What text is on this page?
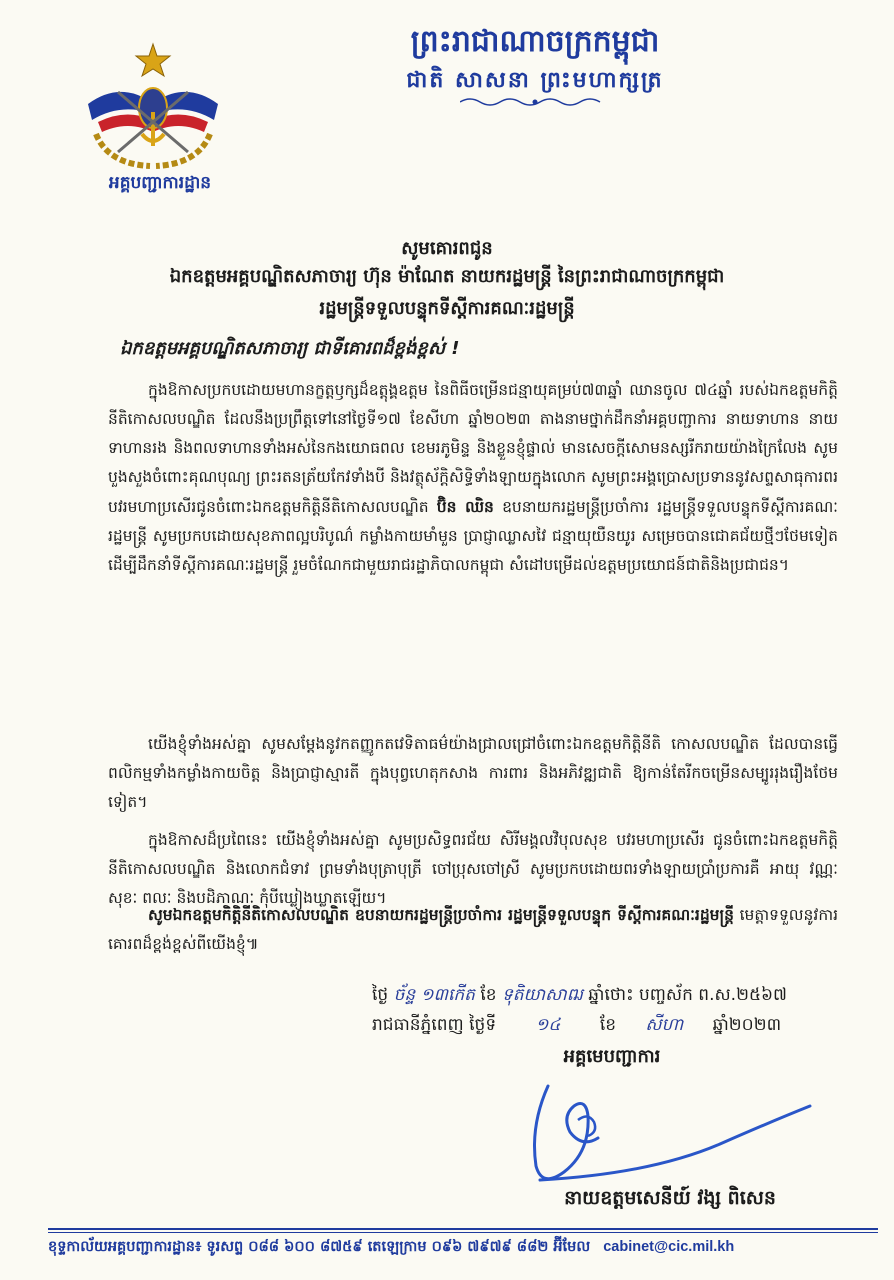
អគ្គបញ្ជាការដ្ឋាន
ព្រះរាជាណាចក្រកម្ពុជា
ជាតិ សាសនា ព្រះមហាក្សត្រ
សូមគោរពជូន
ឯកឧត្តមអគ្គបណ្ឌិតសភាចារ្យ ហ៊ុន ម៉ាណែត នាយករដ្ឋមន្ត្រី នៃព្រះរាជាណាចក្រកម្ពុជា
រដ្ឋមន្ត្រីទទួលបន្ទុកទីស្តីការគណៈរដ្ឋមន្ត្រី
ឯកឧត្តមអគ្គបណ្ឌិតសភាចារ្យ ជាទីគោរពដ៏ខ្ពង់ខ្ពស់ !
ក្នុងឱកាសប្រកបដោយមហានក្ខត្តឫក្សដ៏ឧត្តុង្គឧត្តម នៃពិធីចម្រើនជន្មាយុគម្រប់៧៣ឆ្នាំ ឈានចូល ៧៤ឆ្នាំ របស់ឯកឧត្តមកិត្តិនីតិកោសលបណ្ឌិត ដែលនឹងប្រព្រឹត្តទៅនៅថ្ងៃទី១៧ ខែសីហា ឆ្នាំ២០២៣ តាងនាមថ្នាក់ដឹកនាំអគ្គបញ្ជាការ នាយទាហាន នាយទាហានរង និងពលទាហានទាំងអស់នៃកងយោធពល ខេមរភូមិន្ទ និងខ្លួនខ្ញុំផ្ទាល់ មានសេចក្តីសោមនស្សរីករាយយ៉ាងក្រៃលែង សូមបួងសួងចំពោះគុណបុណ្យ ព្រះរតនត្រ័យកែវទាំងបី និងវត្ថុស័ក្តិសិទ្ធិទាំងឡាយក្នុងលោក សូមព្រះអង្គប្រោសប្រទាននូវសព្ទសាធុការពរ បវរមហាប្រសើរជូនចំពោះឯកឧត្តមកិត្តិនីតិកោសលបណ្ឌិត ប៊ិន ឈិន ឧបនាយករដ្ឋមន្ត្រីប្រចាំការ រដ្ឋមន្ត្រីទទួលបន្ទុកទីស្តីការគណៈរដ្ឋមន្ត្រី សូមប្រកបដោយសុខភាពល្អបរិបូណ៌ កម្លាំងកាយមាំមួន ប្រាជ្ញាឈ្លាសវៃ ជន្មាយុយឺនយូរ សម្រេចបានជោគជ័យថ្មីៗថែមទៀត ដើម្បីដឹកនាំទីស្តីការគណៈរដ្ឋមន្ត្រី រួមចំណែកជាមួយរាជរដ្ឋាភិបាលកម្ពុជា សំដៅបម្រើដល់ឧត្តមប្រយោជន៍ជាតិនិងប្រជាជន។
យើងខ្ញុំទាំងអស់គ្នា សូមសម្តែងនូវកតញ្ញូកតវេទិតាធម៌យ៉ាងជ្រាលជ្រៅចំពោះឯកឧត្តមកិត្តិនីតិ កោសលបណ្ឌិត ដែលបានធ្វើពលិកម្មទាំងកម្លាំងកាយចិត្ត និងប្រាជ្ញាស្មារតី ក្នុងបុព្វហេតុកសាង ការពារ និងអភិវឌ្ឍជាតិ ឱ្យកាន់តែរីកចម្រើនសម្បូររុងរឿងថែមទៀត។
ក្នុងឱកាសដ៏ប្រពៃនេះ យើងខ្ញុំទាំងអស់គ្នា សូមប្រសិទ្ធពរជ័យ សិរីមង្គលវិបុលសុខ បវរមហាប្រសើរ ជូនចំពោះឯកឧត្តមកិត្តិនីតិកោសលបណ្ឌិត និងលោកជំទាវ ព្រមទាំងបុត្រាបុត្រី ចៅប្រុសចៅស្រី សូមប្រកបដោយពរទាំងឡាយប្រាំប្រការគឺ អាយុ វណ្ណៈ សុខៈ ពលៈ និងបដិភាណៈ កុំបីឃ្លៀងឃ្លាតឡើយ។
សូមឯកឧត្តមកិត្តិនីតិកោសលបណ្ឌិត ឧបនាយករដ្ឋមន្ត្រីប្រចាំការ រដ្ឋមន្ត្រីទទួលបន្ទុក ទីស្តីការគណៈរដ្ឋមន្ត្រី មេត្តាទទួលនូវការគោរពដ៏ខ្ពង់ខ្ពស់ពីយើងខ្ញុំ៕
ថ្ងៃ ច័ន្ទ ១៣កើត ខែ ទុតិយាសាឍ ឆ្នាំថោះ បញ្ចស័ក ព.ស.២៥៦៧
រាជធានីភ្នំពេញ ថ្ងៃទី ១៤ ខែ សីហា ឆ្នាំ២០២៣
អគ្គមេបញ្ជាការ
នាយឧត្តមសេនីយ៍ វង្ស ពិសេន
ខុទ្ទកាល័យអគ្គបញ្ជាការដ្ឋាន៖ ទូរសព្ទ ០៨៨ ៦០០ ៨៧៥៩ តេឡេក្រាម ០៩៦ ៧៩៧៩ ៨៨២ អ៊ីមែល cabinet@cic.mil.kh
